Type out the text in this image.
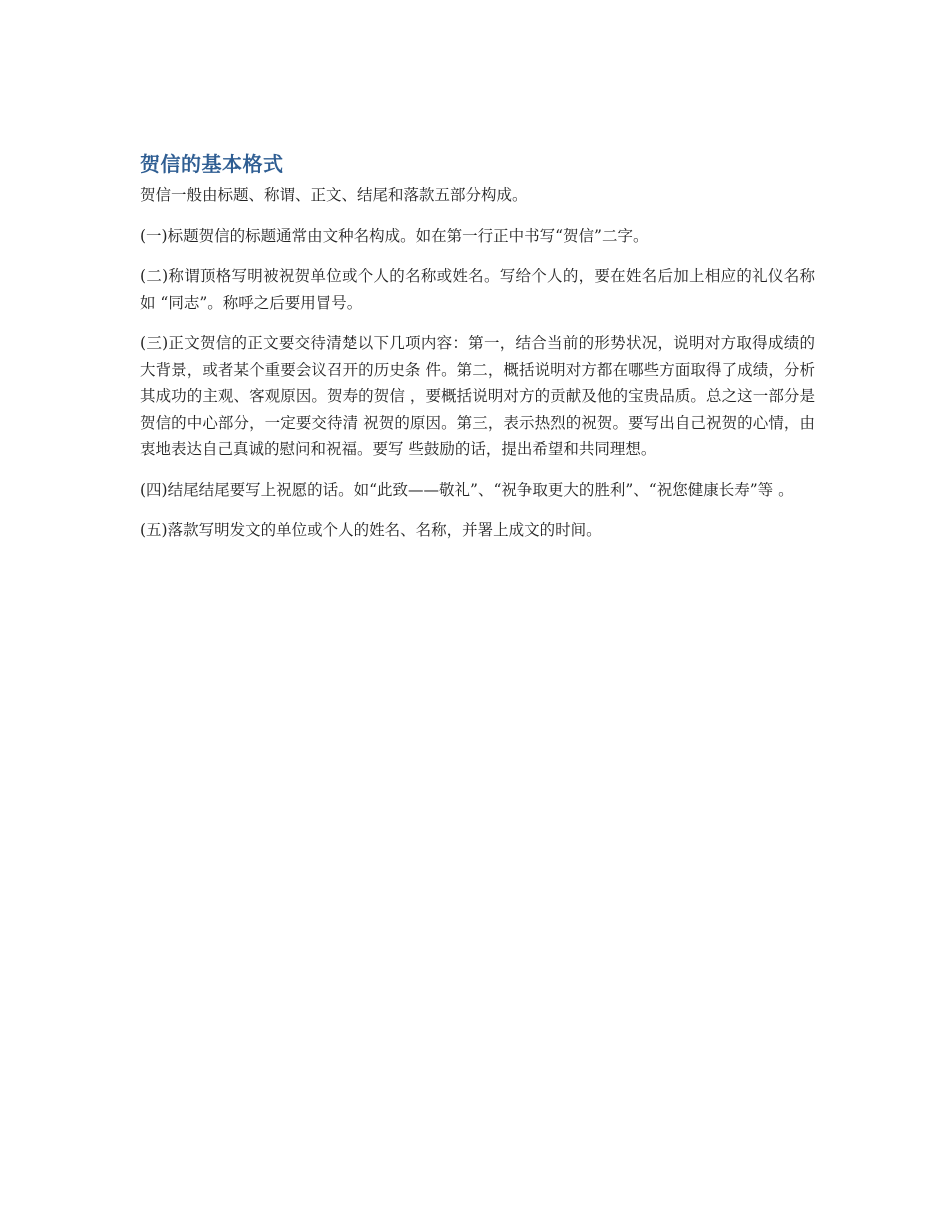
贺信的基本格式

贺信一般由标题、称谓、正文、结尾和落款五部分构成。

(一)标题贺信的标题通常由文种名构成。如在第一行正中书写“贺信”二字。

(二)称谓顶格写明被祝贺单位或个人的名称或姓名。写给个人的，要在姓名后加上相应的礼仪名称如 “同志”。称呼之后要用冒号。

(三)正文贺信的正文要交待清楚以下几项内容：第一，结合当前的形势状况，说明对方取得成绩的大背景，或者某个重要会议召开的历史条 件。第二，概括说明对方都在哪些方面取得了成绩，分析其成功的主观、客观原因。贺寿的贺信 ，要概括说明对方的贡献及他的宝贵品质。总之这一部分是贺信的中心部分，一定要交待清 祝贺的原因。第三，表示热烈的祝贺。要写出自己祝贺的心情，由衷地表达自己真诚的慰问和祝福。要写 些鼓励的话，提出希望和共同理想。

(四)结尾结尾要写上祝愿的话。如“此致——敬礼”、“祝争取更大的胜利”、“祝您健康长寿”等 。

(五)落款写明发文的单位或个人的姓名、名称，并署上成文的时间。
